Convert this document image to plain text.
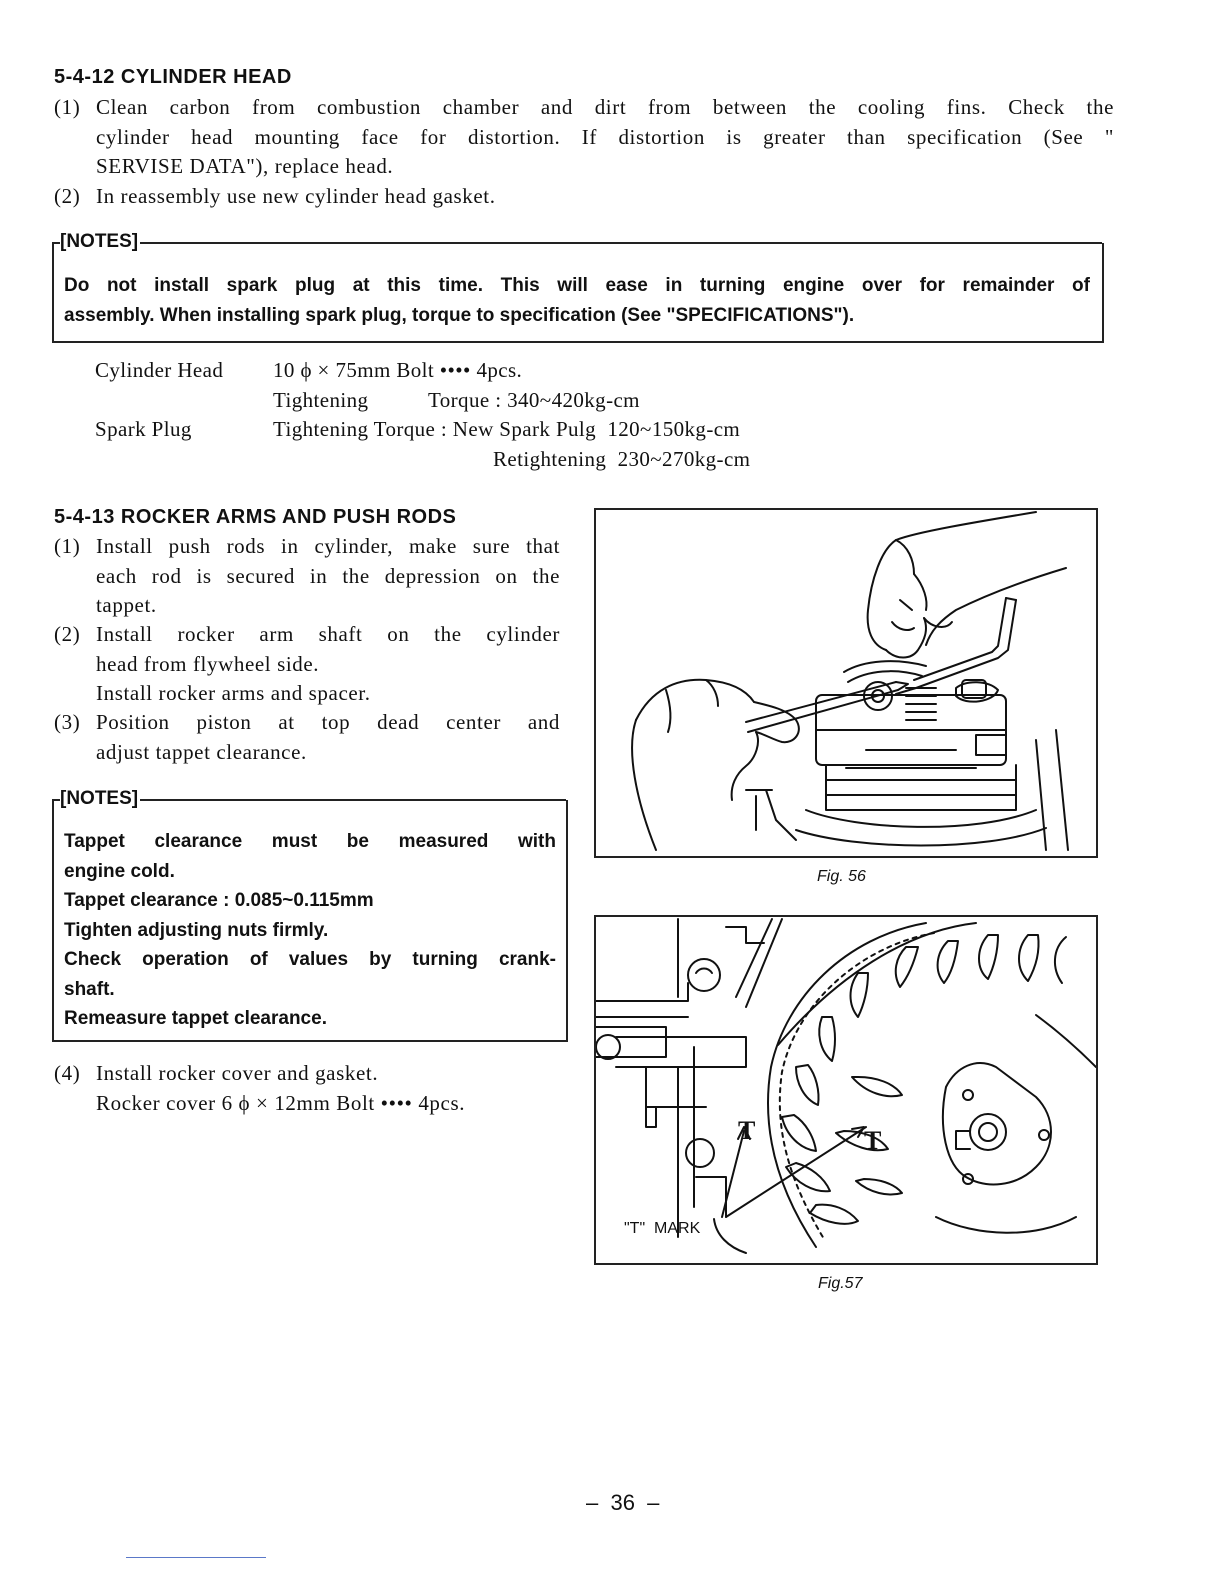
5-4-12 CYLINDER HEAD
(1) Clean carbon from combustion chamber and dirt from between the cooling fins. Check the
cylinder head mounting face for distortion. If distortion is greater than specification (See "
SERVISE DATA"), replace head.
(2) In reassembly use new cylinder head gasket.
[NOTES]
Do not install spark plug at this time. This will ease in turning engine over for remainder of
assembly. When installing spark plug, torque to specification (See "SPECIFICATIONS").
Cylinder Head 10 ϕ × 75mm Bolt •••• 4pcs.
Tightening	Torque : 340~420kg-cm
Spark Plug	Tightening Torque : New Spark Pulg  120~150kg-cm
Retightening  230~270kg-cm
5-4-13 ROCKER ARMS AND PUSH RODS
(1) Install push rods in cylinder, make sure that
each rod is secured in the depression on the
tappet.
(2) Install rocker arm shaft on the cylinder
head from flywheel side.
Install rocker arms and spacer.
(3) Position piston at top dead center and
adjust tappet clearance.
[NOTES]
Tappet clearance must be measured with
engine cold.
Tappet clearance : 0.085~0.115mm
Tighten adjusting nuts firmly.
Check operation of values by turning crank-
shaft.
Remeasure tappet clearance.
(4) Install rocker cover and gasket.
Rocker cover 6 ϕ × 12mm Bolt •••• 4pcs.
Fig. 56
T	T
"T"  MARK
Fig.57
–  36  –
